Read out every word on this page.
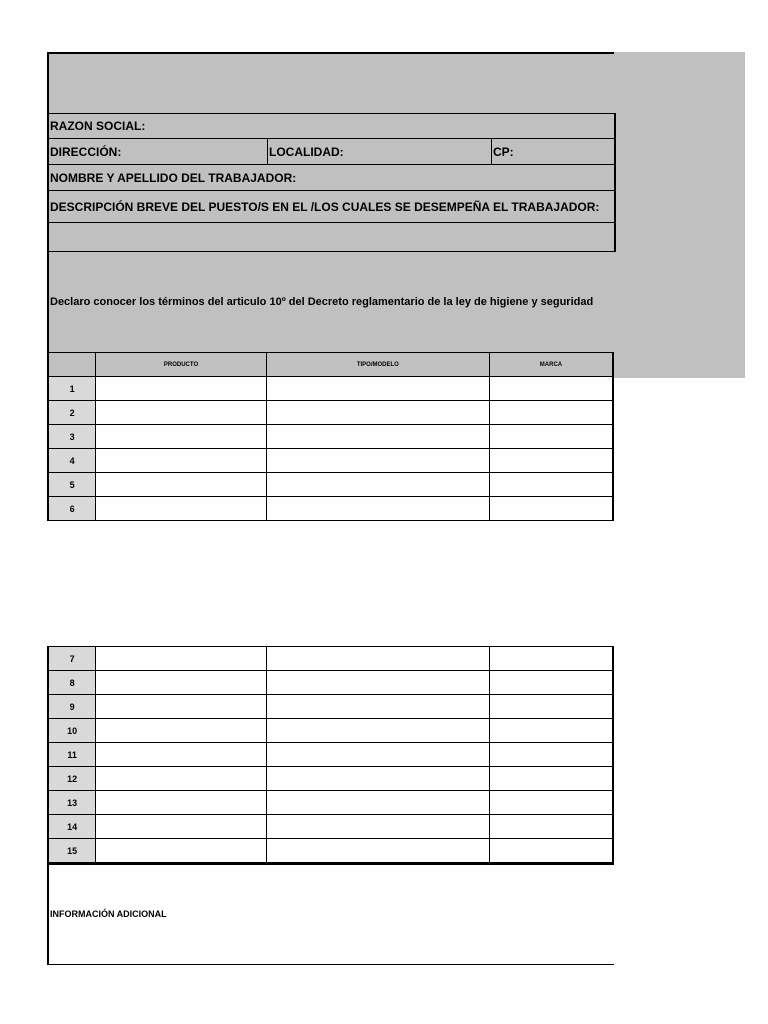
RAZON SOCIAL:
DIRECCIÓN:	LOCALIDAD:	CP:
NOMBRE Y APELLIDO DEL TRABAJADOR:
DESCRIPCIÓN BREVE DEL PUESTO/S EN EL /LOS CUALES SE DESEMPEÑA EL TRABAJADOR:
Declaro conocer los términos del articulo 10º del Decreto reglamentario de la ley de higiene y seguridad
	PRODUCTO	TIPO/MODELO	MARCA
1			
2			
3			
4			
5			
6			
7			
8			
9			
10			
11			
12			
13			
14			
15			
INFORMACIÓN ADICIONAL
